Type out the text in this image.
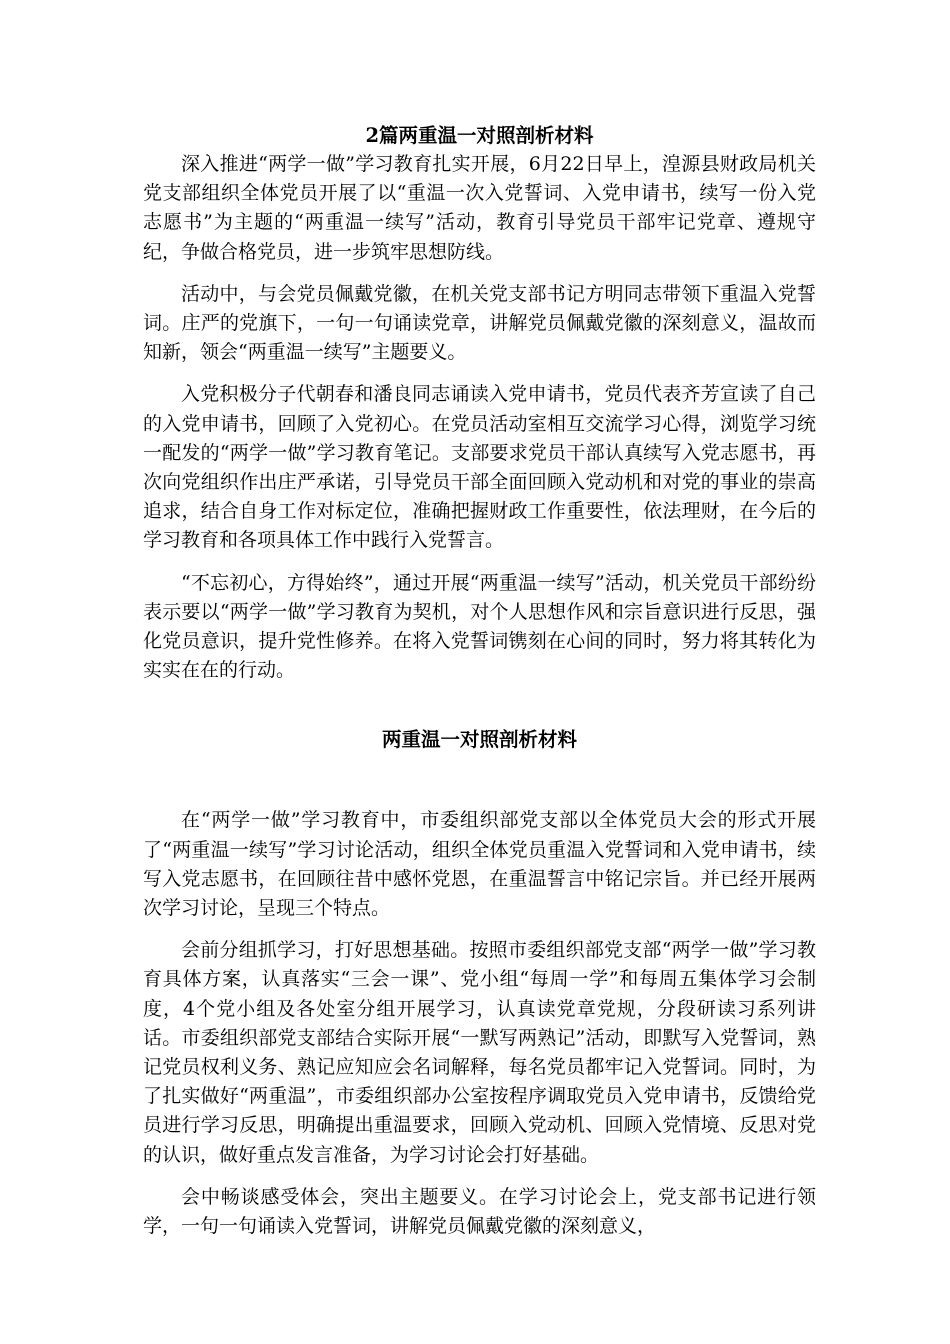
2篇两重温一对照剖析材料

深入推进“两学一做”学习教育扎实开展，6月22日早上，湟源县财政局机关党支部组织全体党员开展了以“重温一次入党誓词、入党申请书，续写一份入党志愿书”为主题的“两重温一续写”活动，教育引导党员干部牢记党章、遵规守纪，争做合格党员，进一步筑牢思想防线。

活动中，与会党员佩戴党徽，在机关党支部书记方明同志带领下重温入党誓词。庄严的党旗下，一句一句诵读党章，讲解党员佩戴党徽的深刻意义，温故而知新，领会“两重温一续写”主题要义。

入党积极分子代朝春和潘良同志诵读入党申请书，党员代表齐芳宣读了自己的入党申请书，回顾了入党初心。在党员活动室相互交流学习心得，浏览学习统一配发的“两学一做”学习教育笔记。支部要求党员干部认真续写入党志愿书，再次向党组织作出庄严承诺，引导党员干部全面回顾入党动机和对党的事业的崇高追求，结合自身工作对标定位，准确把握财政工作重要性，依法理财，在今后的学习教育和各项具体工作中践行入党誓言。

“不忘初心，方得始终”，通过开展“两重温一续写”活动，机关党员干部纷纷表示要以“两学一做”学习教育为契机，对个人思想作风和宗旨意识进行反思，强化党员意识，提升党性修养。在将入党誓词镌刻在心间的同时，努力将其转化为实实在在的行动。

两重温一对照剖析材料

在“两学一做”学习教育中，市委组织部党支部以全体党员大会的形式开展了“两重温一续写”学习讨论活动，组织全体党员重温入党誓词和入党申请书，续写入党志愿书，在回顾往昔中感怀党恩，在重温誓言中铭记宗旨。并已经开展两次学习讨论，呈现三个特点。

会前分组抓学习，打好思想基础。按照市委组织部党支部“两学一做”学习教育具体方案，认真落实“三会一课”、党小组“每周一学”和每周五集体学习会制度，4个党小组及各处室分组开展学习，认真读党章党规，分段研读习系列讲话。市委组织部党支部结合实际开展“一默写两熟记”活动，即默写入党誓词，熟记党员权利义务、熟记应知应会名词解释，每名党员都牢记入党誓词。同时，为了扎实做好“两重温”，市委组织部办公室按程序调取党员入党申请书，反馈给党员进行学习反思，明确提出重温要求，回顾入党动机、回顾入党情境、反思对党的认识，做好重点发言准备，为学习讨论会打好基础。

会中畅谈感受体会，突出主题要义。在学习讨论会上，党支部书记进行领学，一句一句诵读入党誓词，讲解党员佩戴党徽的深刻意义，
